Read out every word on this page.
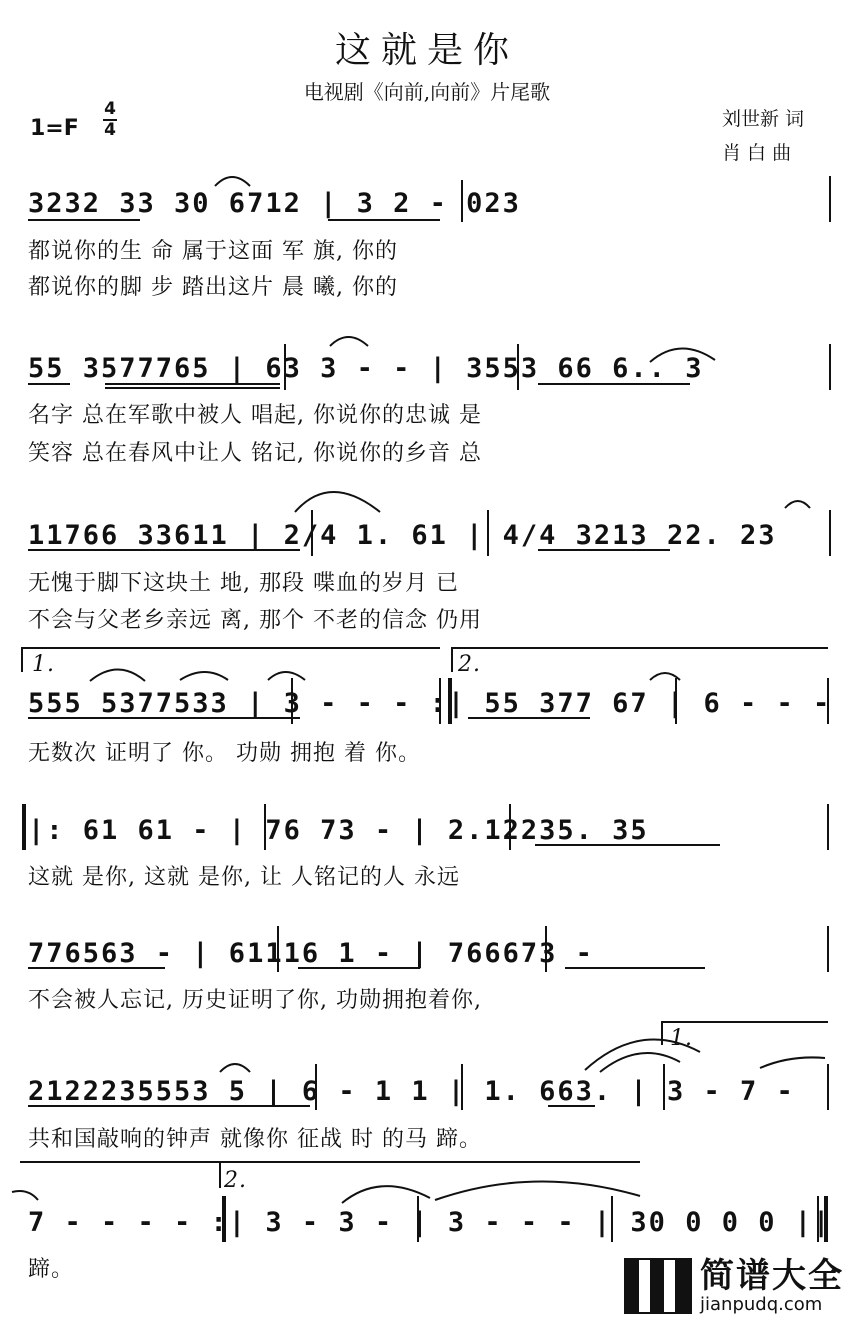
这就是你
电视剧《向前,向前》片尾歌
1=F
4
4	刘世新 词
肖 白 曲
3232 33 30 6712 | 3 2 - 023
都说你的生 命 属于这面 军 旗, 你的
都说你的脚 步 踏出这片 晨 曦, 你的
55 3577765 | 63 3 - - | 3553 66 6.. 3
名字 总在军歌中被人 唱起, 你说你的忠诚 是
笑容 总在春风中让人 铭记, 你说你的乡音 总
11766 33611 | 2/4 1. 61 | 4/4 3213 22. 23
无愧于脚下这块土 地, 那段 喋血的岁月 已
不会与父老乡亲远 离, 那个 不老的信念 仍用
1.	2.
555 5377533 | 3 - - - :| 55 377 67 | 6 - - -
无数次 证明了 你。 功勋 拥抱 着 你。
|: 61 61 - | 76 73 - | 2.12235. 35
这就 是你, 这就 是你, 让 人铭记的人 永远
776563 - | 61116 1 - | 766673 -
不会被人忘记, 历史证明了你, 功勋拥抱着你,
1.
2122235553 5 | 6 - 1 1 | 1. 663. | 3 - 7 -
共和国敲响的钟声 就像你 征战 时 的马 蹄。
2.
7 - - - - :| 3 - 3 - | 3 - - - | 30 0 0 0 ||
蹄。	简谱大全
jianpudq.com
